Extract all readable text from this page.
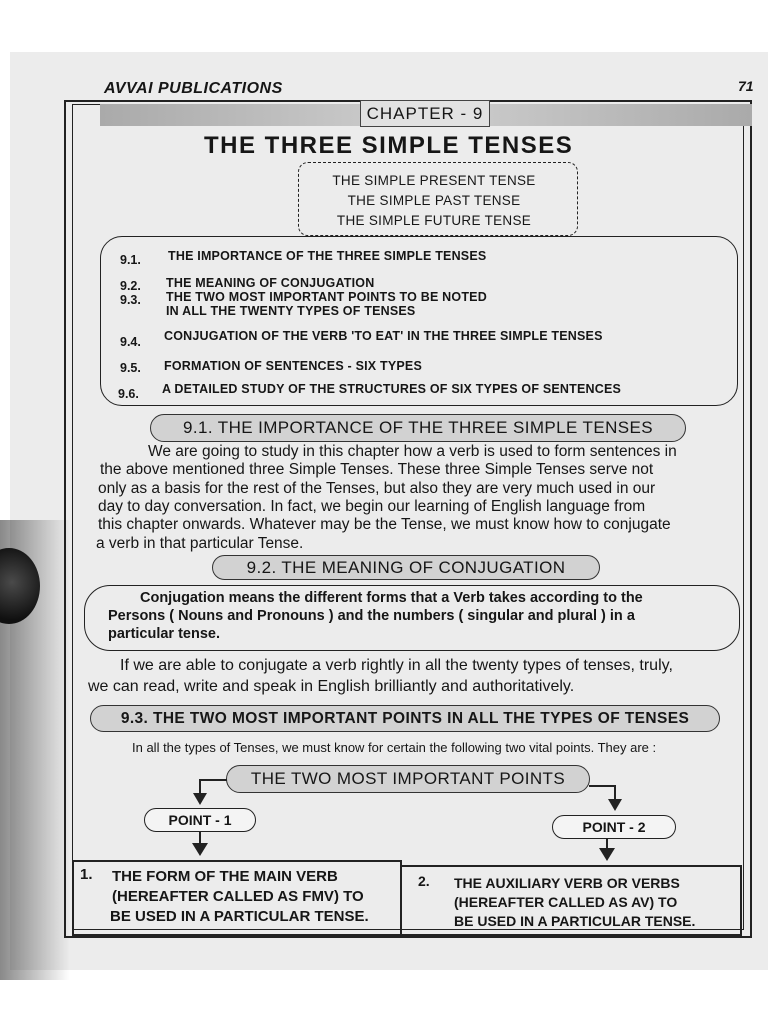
AVVAI PUBLICATIONS	71
CHAPTER - 9
THE THREE SIMPLE TENSES
THE SIMPLE PRESENT TENSE
THE SIMPLE PAST TENSE
THE SIMPLE FUTURE TENSE
9.1. THE IMPORTANCE OF THE THREE SIMPLE TENSES
9.2. THE MEANING OF CONJUGATION
9.3. THE TWO MOST IMPORTANT POINTS TO BE NOTED
IN ALL THE TWENTY TYPES OF TENSES
9.4. CONJUGATION OF THE VERB 'TO EAT' IN THE THREE SIMPLE TENSES
9.5. FORMATION OF SENTENCES - SIX TYPES
9.6. A DETAILED STUDY OF THE STRUCTURES OF SIX TYPES OF SENTENCES
9.1. THE IMPORTANCE OF THE THREE SIMPLE TENSES
We are going to study in this chapter how a verb is used to form sentences in
the above mentioned three Simple Tenses. These three Simple Tenses serve not
only as a basis for the rest of the Tenses, but also they are very much used in our
day to day conversation. In fact, we begin our learning of English language from
this chapter onwards. Whatever may be the Tense, we must know how to conjugate
a verb in that particular Tense.
9.2. THE MEANING OF CONJUGATION
Conjugation means the different forms that a Verb takes according to the
Persons ( Nouns and Pronouns ) and the numbers ( singular and plural ) in a
particular tense.
If we are able to conjugate a verb rightly in all the twenty types of tenses, truly,
we can read, write and speak in English brilliantly and authoritatively.
9.3. THE TWO MOST IMPORTANT POINTS IN ALL THE TYPES OF TENSES
In all the types of Tenses, we must know for certain the following two vital points. They are :
THE TWO MOST IMPORTANT POINTS
POINT - 1	POINT - 2
1. THE FORM OF THE MAIN VERB
(HEREAFTER CALLED AS FMV) TO
BE USED IN A PARTICULAR TENSE.
2. THE AUXILIARY VERB OR VERBS
(HEREAFTER CALLED AS AV) TO
BE USED IN A PARTICULAR TENSE.
